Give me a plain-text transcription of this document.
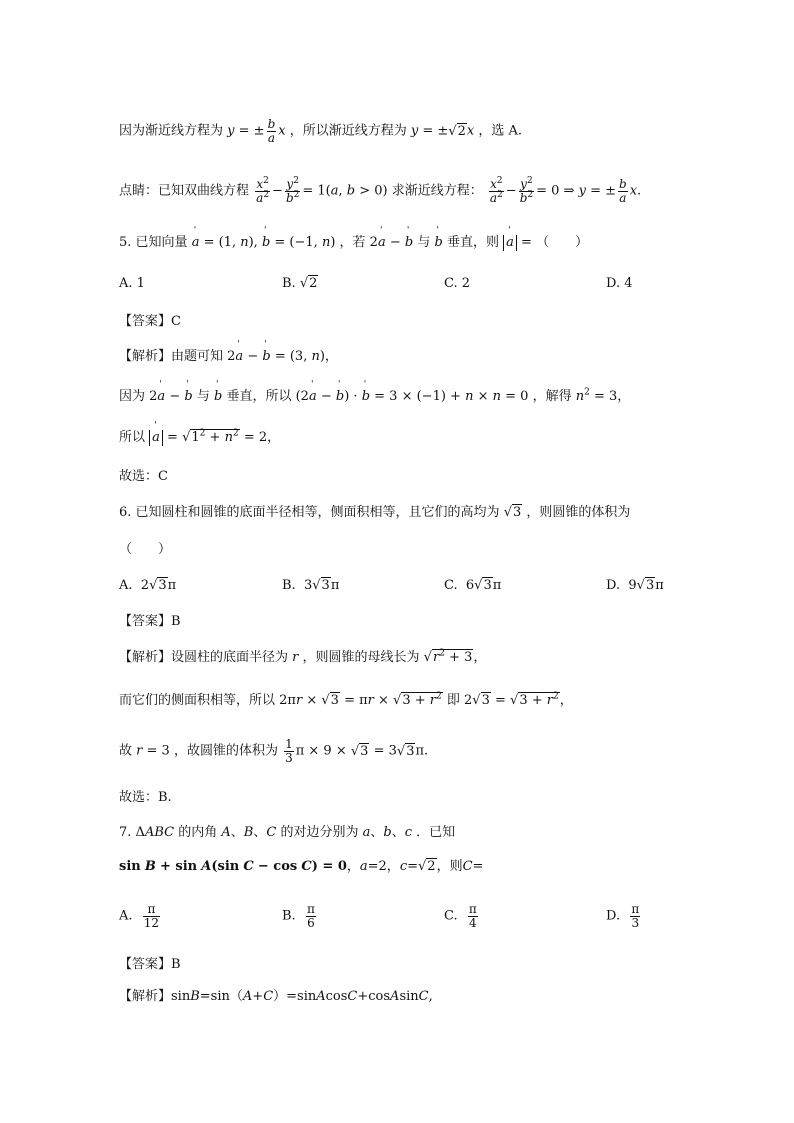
因为渐近线方程为 y = ± $\frac{b}{a}$ x ，所以渐近线方程为 y = ±√2x ，选 A.
点睛：已知双曲线方程 $\frac{x^2}{a^2} - \frac{y^2}{b^2} = 1(a$, b > 0) 求渐近线方程： $\frac{x^2}{a^2} - \frac{y^2}{b^2} = 0$ ⇒ y = ± $\frac{b}{a} x$.
5. 已知向量 ' a = (1, n), ' b = (−1, n) ，若 2' a − ' b 与 ' b 垂直，则 ' a = （　　）
A. 1	B. √2	C. 2	D. 4
【答案】C
【解析】由题可知 2' a − ' b = (3, n)，
因为 2' a − ' b 与 ' b 垂直，所以 (2' a − ' b) · ' b = 3 × (−1) + n × n = 0 ，解得 $n^2 = 3$，
所以 ' $a = √1^2 + n^2 = 2$，
故选：C
6. 已知圆柱和圆锥的底面半径相等，侧面积相等，且它们的高均为 √3 ，则圆锥的体积为
（　　）
A.  2√3π	B.  3√3π	C.  6√3π	D.  9√3π
【答案】B
【解析】设圆柱的底面半径为 r ，则圆锥的母线长为 $√r^2 + 3$，
而它们的侧面积相等，所以 $2\pi r \times √3 = \pi r \times √3 + r^2$ 即 $2√3 = √3 + r^2$，
故 r = 3 ，故圆锥的体积为 $\frac{1}{3}$ π × 9 × √3 = 3√3π.
故选：B.
7. ΔABC 的内角 A、B、C 的对边分别为 a、b、c ．已知
sin B + sin A(sin C − cos C) = 0，a=2，c=√2，则C=
A. $\frac{\pi}{12}$	B. $\frac{\pi}{6}$	C. $\frac{\pi}{4}$	D. $\frac{\pi}{3}$
【答案】B
【解析】sinB=sin（A+C）=sinAcosC+cosAsinC,
